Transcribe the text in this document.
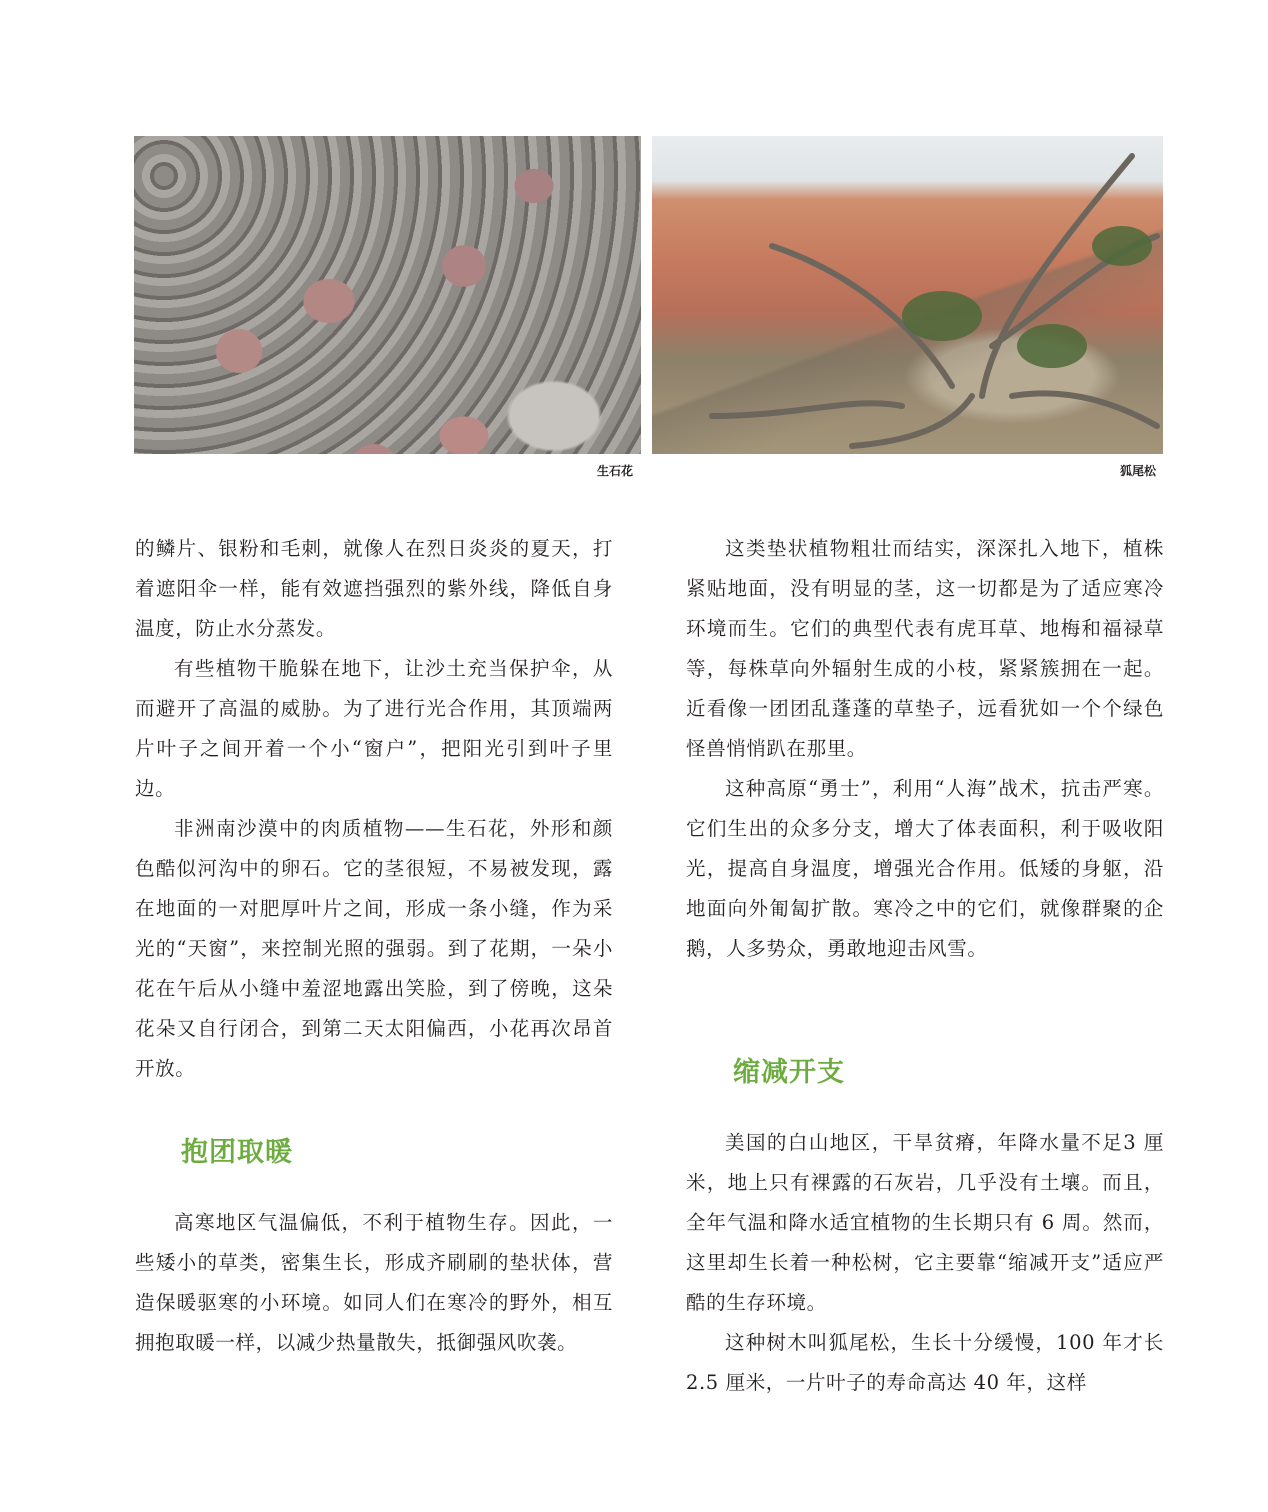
生石花	狐尾松

的鳞片、银粉和毛刺，就像人在烈日炎炎的夏天，打着遮阳伞一样，能有效遮挡强烈的紫外线，降低自身温度，防止水分蒸发。

有些植物干脆躲在地下，让沙土充当保护伞，从而避开了高温的威胁。为了进行光合作用，其顶端两片叶子之间开着一个小“窗户”，把阳光引到叶子里边。

非洲南沙漠中的肉质植物——生石花，外形和颜色酷似河沟中的卵石。它的茎很短，不易被发现，露在地面的一对肥厚叶片之间，形成一条小缝，作为采光的“天窗”，来控制光照的强弱。到了花期，一朵小花在午后从小缝中羞涩地露出笑脸，到了傍晚，这朵花朵又自行闭合，到第二天太阳偏西，小花再次昂首开放。

抱团取暖

高寒地区气温偏低，不利于植物生存。因此，一些矮小的草类，密集生长，形成齐刷刷的垫状体，营造保暖驱寒的小环境。如同人们在寒冷的野外，相互拥抱取暖一样，以减少热量散失，抵御强风吹袭。

这类垫状植物粗壮而结实，深深扎入地下，植株紧贴地面，没有明显的茎，这一切都是为了适应寒冷环境而生。它们的典型代表有虎耳草、地梅和福禄草等，每株草向外辐射生成的小枝，紧紧簇拥在一起。近看像一团团乱蓬蓬的草垫子，远看犹如一个个绿色怪兽悄悄趴在那里。

这种高原“勇士”，利用“人海”战术，抗击严寒。它们生出的众多分支，增大了体表面积，利于吸收阳光，提高自身温度，增强光合作用。低矮的身躯，沿地面向外匍匐扩散。寒冷之中的它们，就像群聚的企鹅，人多势众，勇敢地迎击风雪。

缩减开支

美国的白山地区，干旱贫瘠，年降水量不足3 厘米，地上只有裸露的石灰岩，几乎没有土壤。而且，全年气温和降水适宜植物的生长期只有 6 周。然而，这里却生长着一种松树，它主要靠“缩减开支”适应严酷的生存环境。

这种树木叫狐尾松，生长十分缓慢，100 年才长 2.5 厘米，一片叶子的寿命高达 40 年，这样
